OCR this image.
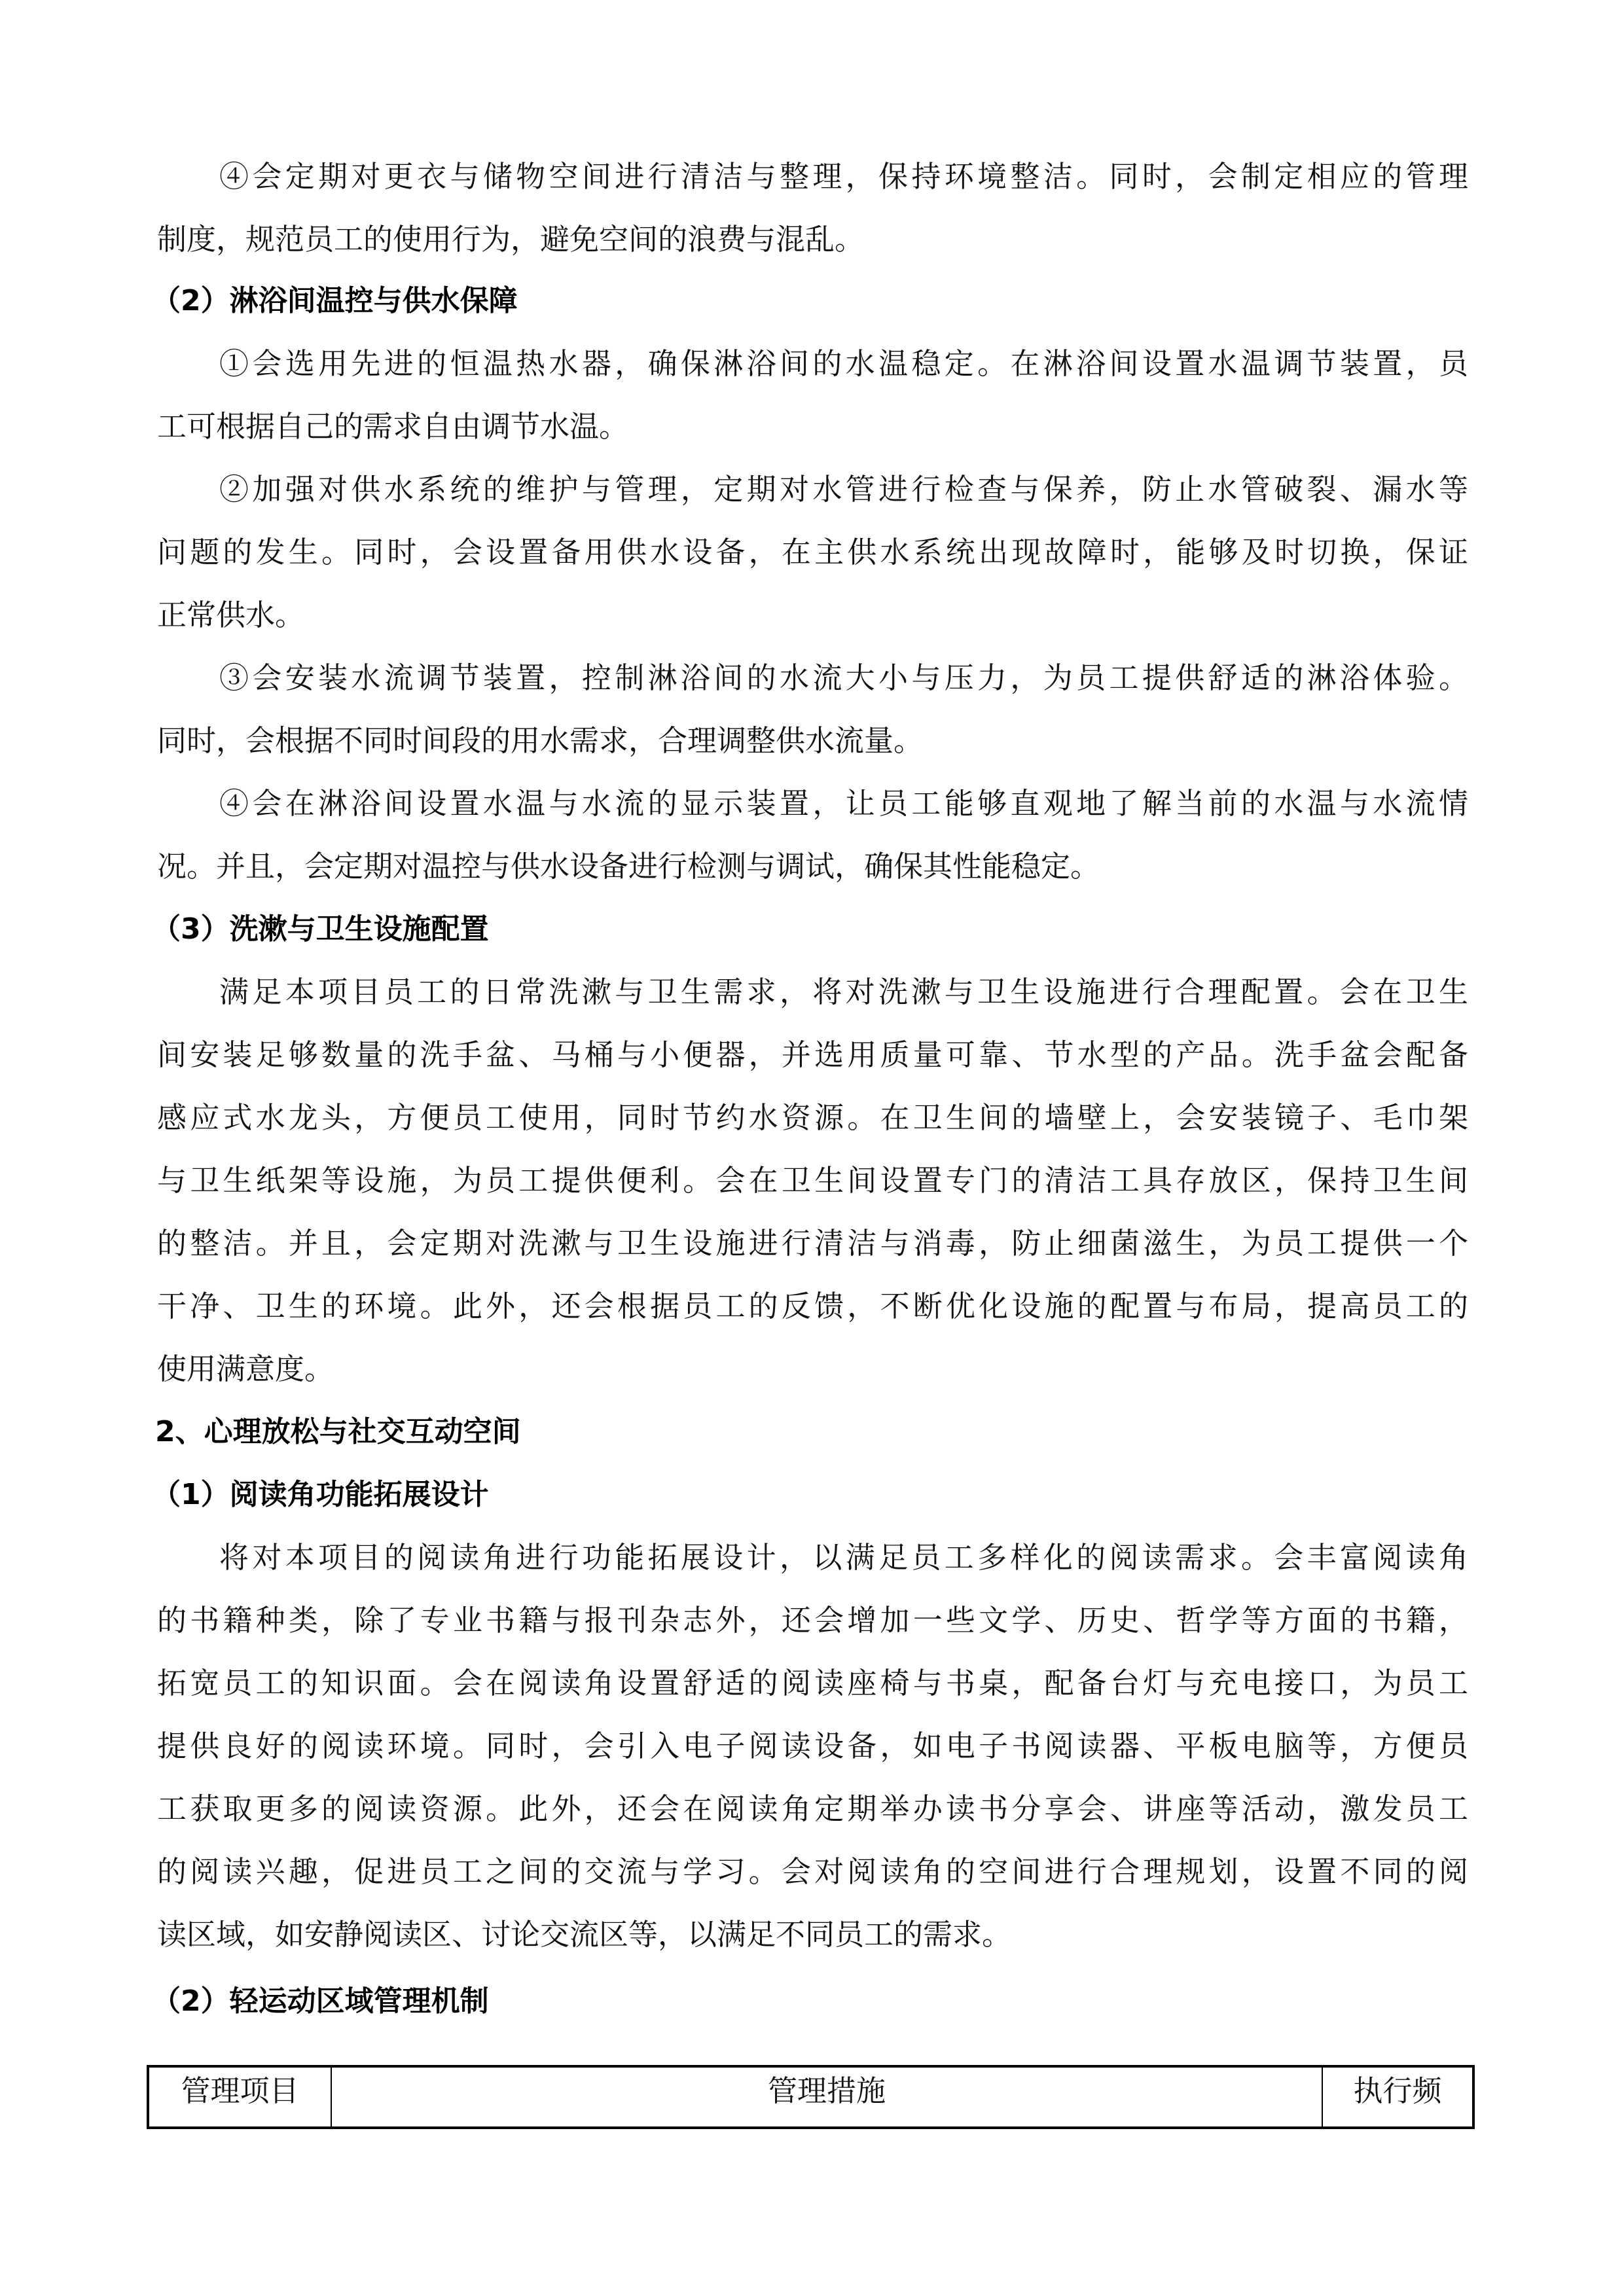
④会定期对更衣与储物空间进行清洁与整理，保持环境整洁。同时，会制定相应的管理
制度，规范员工的使用行为，避免空间的浪费与混乱。
（2）淋浴间温控与供水保障
①会选用先进的恒温热水器，确保淋浴间的水温稳定。在淋浴间设置水温调节装置，员
工可根据自己的需求自由调节水温。
②加强对供水系统的维护与管理，定期对水管进行检查与保养，防止水管破裂、漏水等
问题的发生。同时，会设置备用供水设备，在主供水系统出现故障时，能够及时切换，保证
正常供水。
③会安装水流调节装置，控制淋浴间的水流大小与压力，为员工提供舒适的淋浴体验。
同时，会根据不同时间段的用水需求，合理调整供水流量。
④会在淋浴间设置水温与水流的显示装置，让员工能够直观地了解当前的水温与水流情
况。并且，会定期对温控与供水设备进行检测与调试，确保其性能稳定。
（3）洗漱与卫生设施配置
满足本项目员工的日常洗漱与卫生需求，将对洗漱与卫生设施进行合理配置。会在卫生
间安装足够数量的洗手盆、马桶与小便器，并选用质量可靠、节水型的产品。洗手盆会配备
感应式水龙头，方便员工使用，同时节约水资源。在卫生间的墙壁上，会安装镜子、毛巾架
与卫生纸架等设施，为员工提供便利。会在卫生间设置专门的清洁工具存放区，保持卫生间
的整洁。并且，会定期对洗漱与卫生设施进行清洁与消毒，防止细菌滋生，为员工提供一个
干净、卫生的环境。此外，还会根据员工的反馈，不断优化设施的配置与布局，提高员工的
使用满意度。
2、心理放松与社交互动空间
（1）阅读角功能拓展设计
将对本项目的阅读角进行功能拓展设计，以满足员工多样化的阅读需求。会丰富阅读角
的书籍种类，除了专业书籍与报刊杂志外，还会增加一些文学、历史、哲学等方面的书籍，
拓宽员工的知识面。会在阅读角设置舒适的阅读座椅与书桌，配备台灯与充电接口，为员工
提供良好的阅读环境。同时，会引入电子阅读设备，如电子书阅读器、平板电脑等，方便员
工获取更多的阅读资源。此外，还会在阅读角定期举办读书分享会、讲座等活动，激发员工
的阅读兴趣，促进员工之间的交流与学习。会对阅读角的空间进行合理规划，设置不同的阅
读区域，如安静阅读区、讨论交流区等，以满足不同员工的需求。
（2）轻运动区域管理机制
管理项目	管理措施	执行频
